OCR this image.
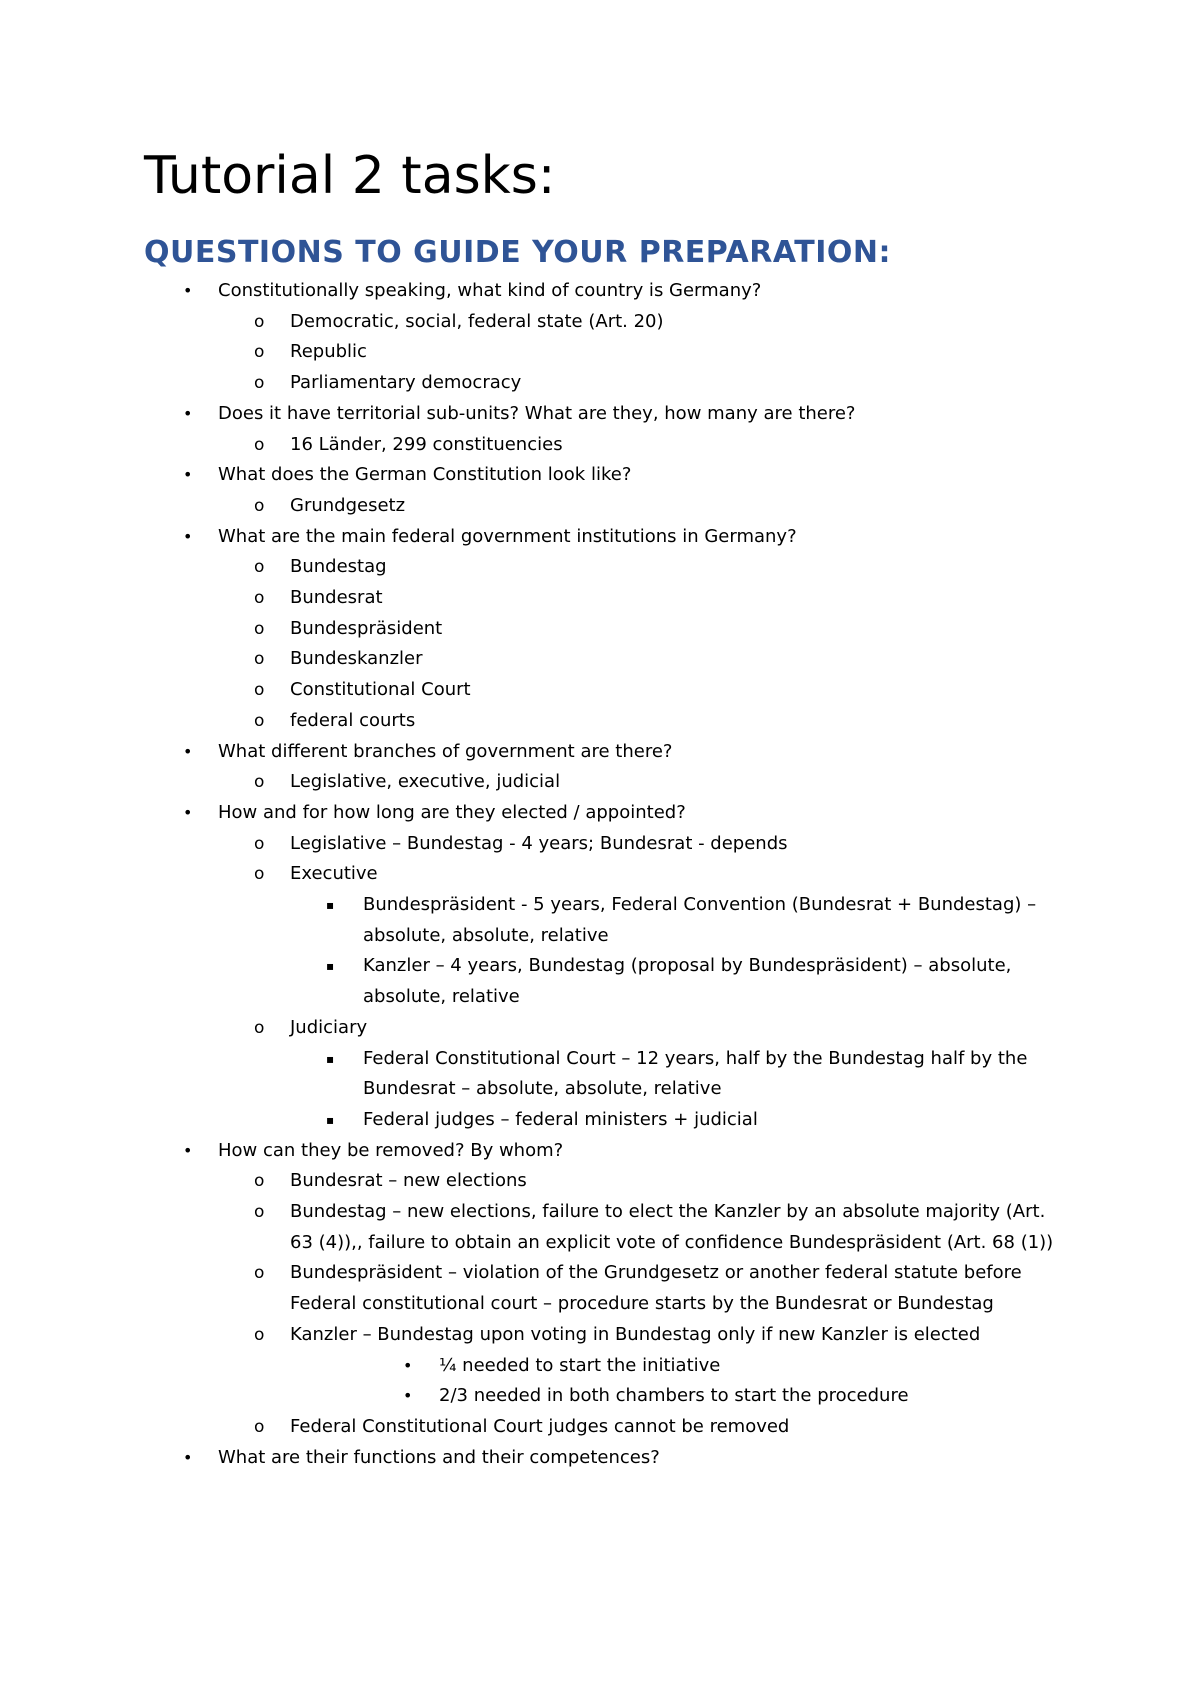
Tutorial 2 tasks:
QUESTIONS TO GUIDE YOUR PREPARATION:
• Constitutionally speaking, what kind of country is Germany?
o Democratic, social, federal state (Art. 20)
o Republic
o Parliamentary democracy
• Does it have territorial sub-units? What are they, how many are there?
o 16 Länder, 299 constituencies
• What does the German Constitution look like?
o Grundgesetz
• What are the main federal government institutions in Germany?
o Bundestag
o Bundesrat
o Bundespräsident
o Bundeskanzler
o Constitutional Court
o federal courts
• What different branches of government are there?
o Legislative, executive, judicial
• How and for how long are they elected / appointed?
o Legislative – Bundestag - 4 years; Bundesrat - depends
o Executive
▪ Bundespräsident - 5 years, Federal Convention (Bundesrat + Bundestag) –
absolute, absolute, relative
▪ Kanzler – 4 years, Bundestag (proposal by Bundespräsident) – absolute,
absolute, relative
o Judiciary
▪ Federal Constitutional Court – 12 years, half by the Bundestag half by the
Bundesrat – absolute, absolute, relative
▪ Federal judges – federal ministers + judicial
• How can they be removed? By whom?
o Bundesrat – new elections
o Bundestag – new elections, failure to elect the Kanzler by an absolute majority (Art.
63 (4)),, failure to obtain an explicit vote of confidence Bundespräsident (Art. 68 (1))
o Bundespräsident – violation of the Grundgesetz or another federal statute before
Federal constitutional court – procedure starts by the Bundesrat or Bundestag
o Kanzler – Bundestag upon voting in Bundestag only if new Kanzler is elected
• ¼ needed to start the initiative
• 2/3 needed in both chambers to start the procedure
o Federal Constitutional Court judges cannot be removed
• What are their functions and their competences?
